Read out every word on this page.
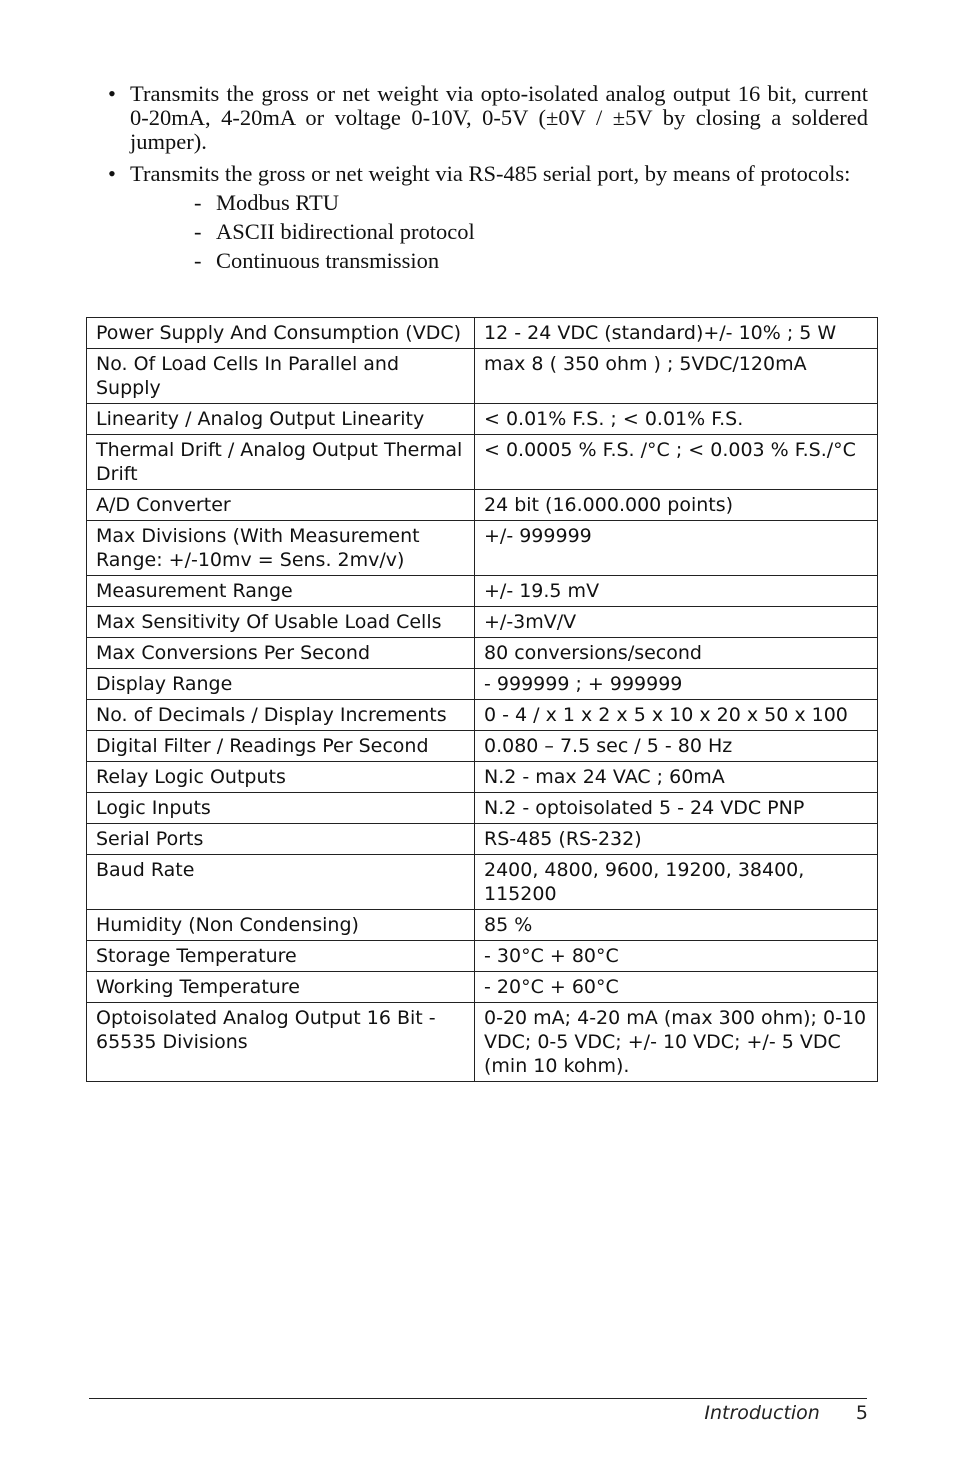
• Transmits the gross or net weight via opto-isolated analog output 16 bit, current 0-20mA, 4-20mA or voltage 0-10V, 0-5V (±0V / ±5V by closing a soldered jumper).
• Transmits the gross or net weight via RS-485 serial port, by means of protocols:
- Modbus RTU
- ASCII bidirectional protocol
- Continuous transmission
Power Supply And Consumption (VDC)	12 - 24 VDC (standard)+/- 10% ; 5 W
No. Of Load Cells In Parallel and Supply	max 8 ( 350 ohm ) ; 5VDC/120mA
Linearity / Analog Output Linearity	< 0.01% F.S. ; < 0.01% F.S.
Thermal Drift / Analog Output Thermal Drift	< 0.0005 % F.S. /°C ; < 0.003 % F.S./°C
A/D Converter	24 bit (16.000.000 points)
Max Divisions (With Measurement Range: +/-10mv = Sens. 2mv/v)	+/- 999999
Measurement Range	+/- 19.5 mV
Max Sensitivity Of Usable Load Cells	+/-3mV/V
Max Conversions Per Second	80 conversions/second
Display Range	- 999999 ; + 999999
No. of Decimals / Display Increments	0 - 4 / x 1 x 2 x 5 x 10 x 20 x 50 x 100
Digital Filter / Readings Per Second	0.080 – 7.5 sec / 5 - 80 Hz
Relay Logic Outputs	N.2 - max 24 VAC ; 60mA
Logic Inputs	N.2 - optoisolated 5 - 24 VDC PNP
Serial Ports	RS-485 (RS-232)
Baud Rate	2400, 4800, 9600, 19200, 38400, 115200
Humidity (Non Condensing)	85 %
Storage Temperature	- 30°C + 80°C
Working Temperature	- 20°C + 60°C
Optoisolated Analog Output 16 Bit - 65535 Divisions	0-20 mA; 4-20 mA (max 300 ohm); 0-10 VDC; 0-5 VDC; +/- 10 VDC; +/- 5 VDC (min 10 kohm).
Introduction 5
